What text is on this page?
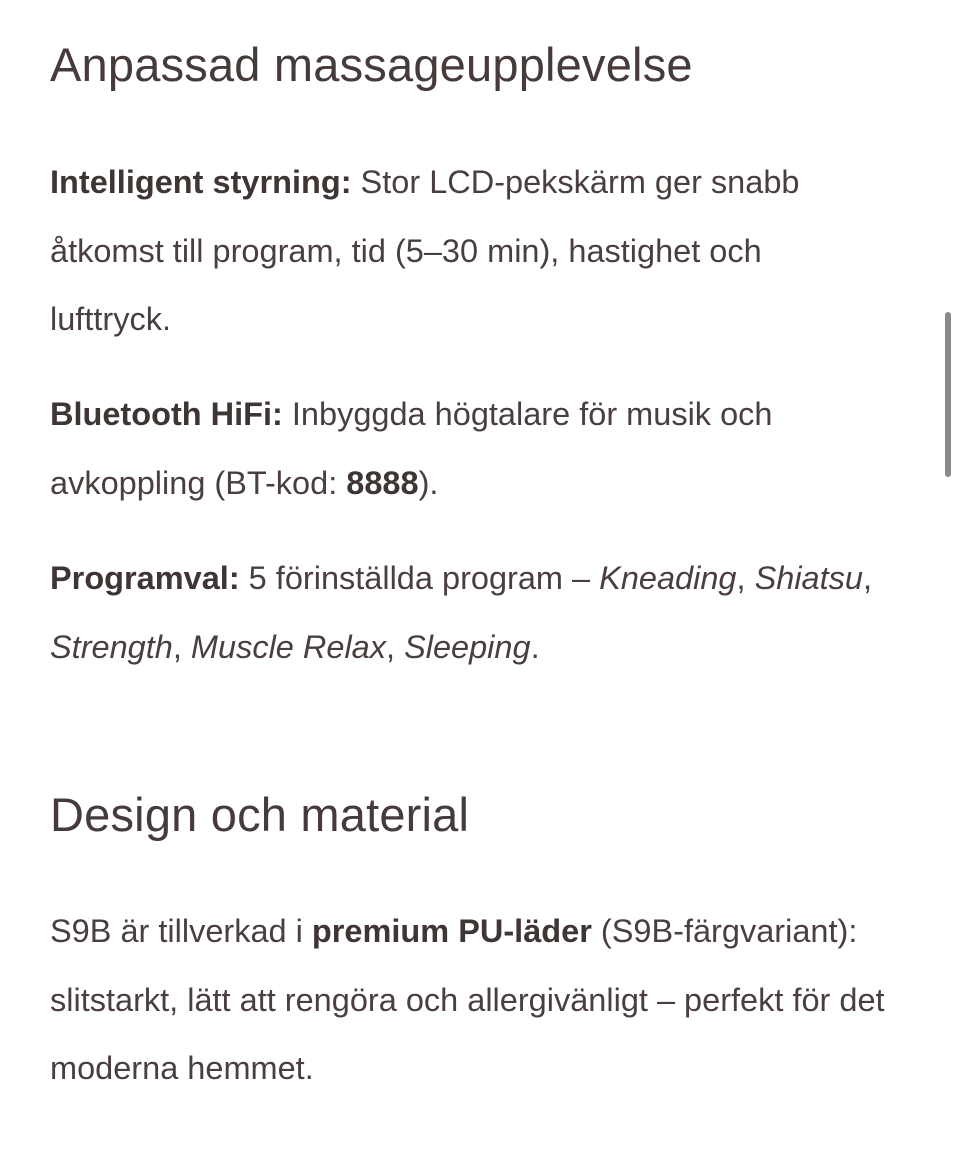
Anpassad massageupplevelse

Intelligent styrning: Stor LCD-pekskärm ger snabb åtkomst till program, tid (5–30 min), hastighet och lufttryck.

Bluetooth HiFi: Inbyggda högtalare för musik och avkoppling (BT-kod: 8888).

Programval: 5 förinställda program – Kneading, Shiatsu, Strength, Muscle Relax, Sleeping.

Design och material

S9B är tillverkad i premium PU-läder (S9B-färgvariant): slitstarkt, lätt att rengöra och allergivänligt – perfekt för det moderna hemmet.
